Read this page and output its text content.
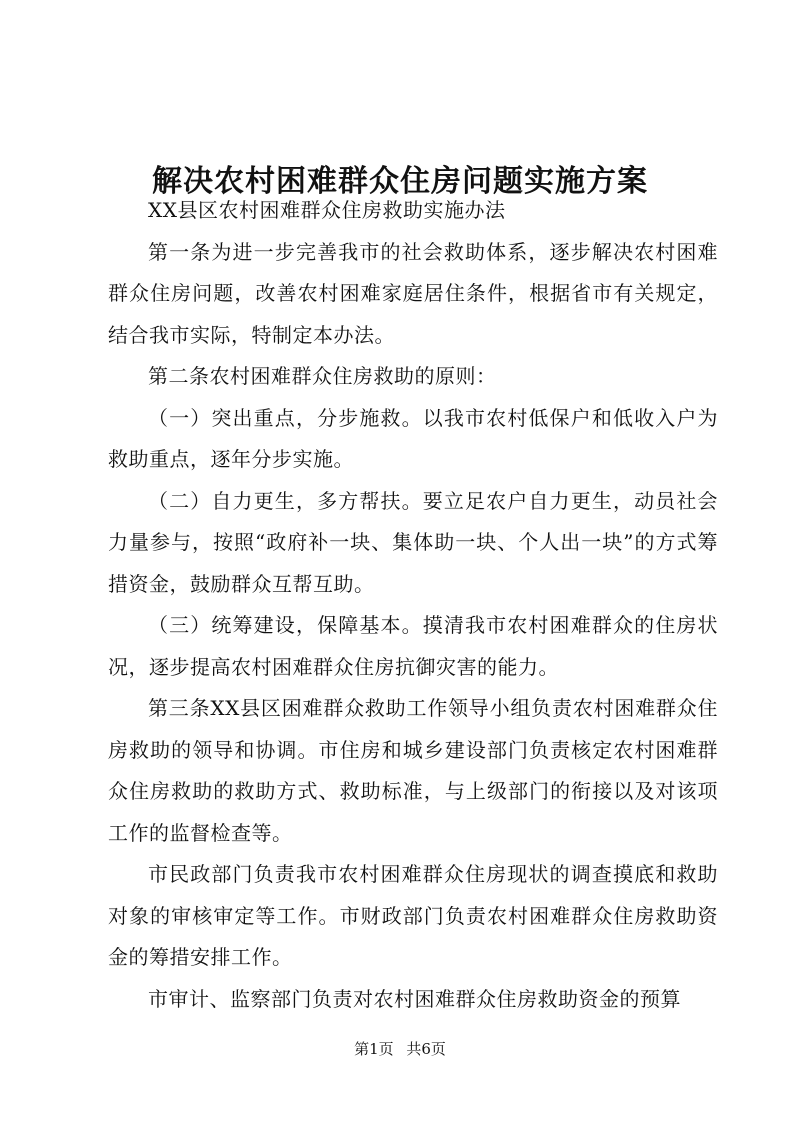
解决农村困难群众住房问题实施方案

XX县区农村困难群众住房救助实施办法

第一条为进一步完善我市的社会救助体系，逐步解决农村困难群众住房问题，改善农村困难家庭居住条件，根据省市有关规定，结合我市实际，特制定本办法。

第二条农村困难群众住房救助的原则：

（一）突出重点，分步施救。以我市农村低保户和低收入户为救助重点，逐年分步实施。

（二）自力更生，多方帮扶。要立足农户自力更生，动员社会力量参与，按照“政府补一块、集体助一块、个人出一块”的方式筹措资金，鼓励群众互帮互助。

（三）统筹建设，保障基本。摸清我市农村困难群众的住房状况，逐步提高农村困难群众住房抗御灾害的能力。

第三条XX县区困难群众救助工作领导小组负责农村困难群众住房救助的领导和协调。市住房和城乡建设部门负责核定农村困难群众住房救助的救助方式、救助标准，与上级部门的衔接以及对该项工作的监督检查等。

市民政部门负责我市农村困难群众住房现状的调查摸底和救助对象的审核审定等工作。市财政部门负责农村困难群众住房救助资金的筹措安排工作。

市审计、监察部门负责对农村困难群众住房救助资金的预算

第1页 共6页
